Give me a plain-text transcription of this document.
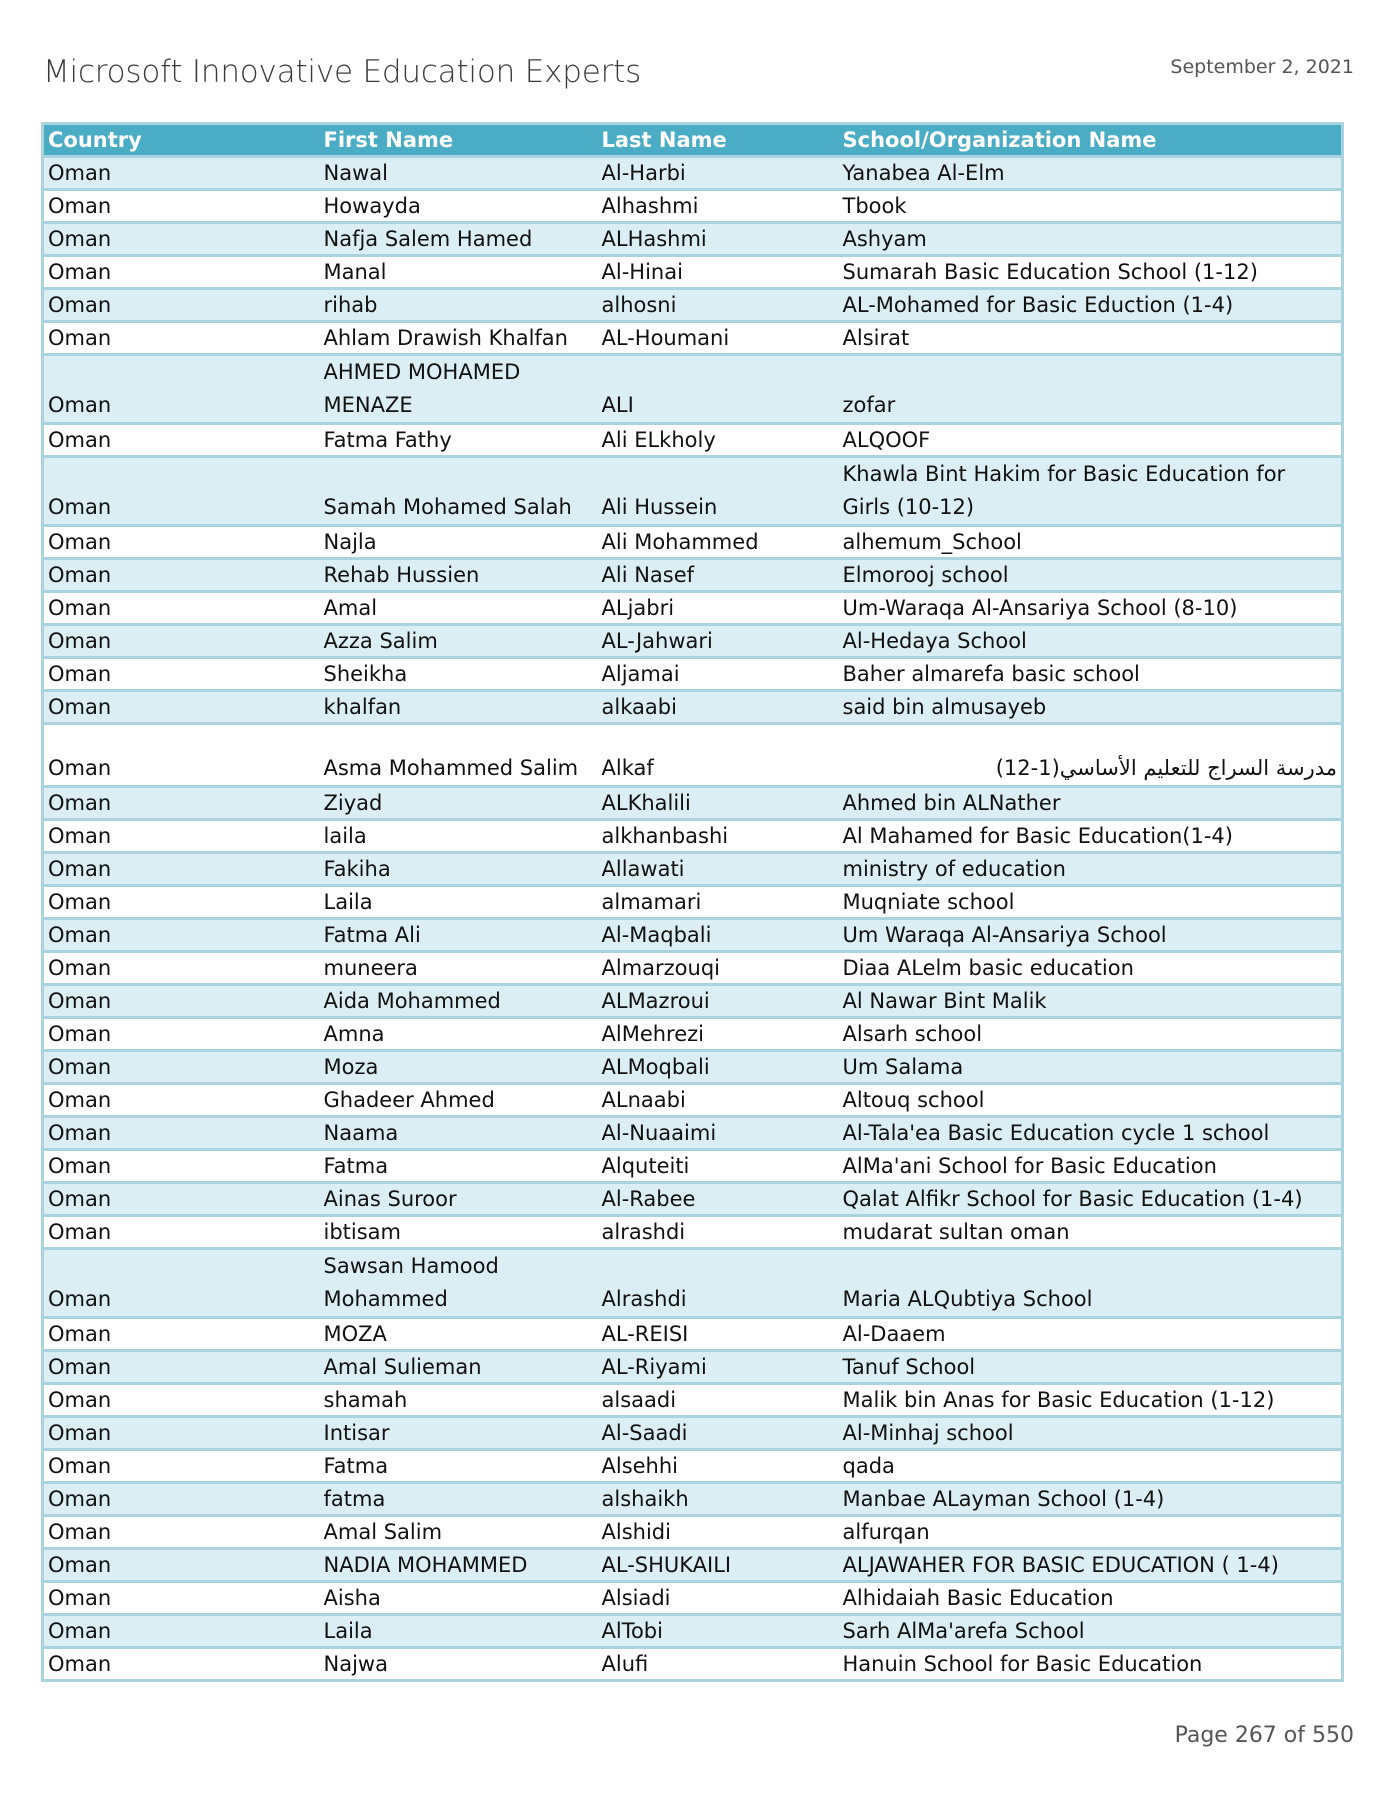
Microsoft Innovative Education Experts	September 2, 2021
Country	First Name	Last Name	School/Organization Name
Oman	Nawal	Al-Harbi	Yanabea Al-Elm
Oman	Howayda	Alhashmi	Tbook
Oman	Nafja Salem Hamed	ALHashmi	Ashyam
Oman	Manal	Al-Hinai	Sumarah Basic Education School (1-12)
Oman	rihab	alhosni	AL-Mohamed for Basic Eduction (1-4)
Oman	Ahlam Drawish Khalfan	AL-Houmani	Alsirat
Oman	AHMED MOHAMED MENAZE	ALI	zofar
Oman	Fatma Fathy	Ali ELkholy	ALQOOF
Oman	Samah Mohamed Salah	Ali Hussein	Khawla Bint Hakim for Basic Education for Girls (10-12)
Oman	Najla	Ali Mohammed	alhemum_School
Oman	Rehab Hussien	Ali Nasef	Elmorooj school
Oman	Amal	ALjabri	Um-Waraqa Al-Ansariya School (8-10)
Oman	Azza Salim	AL-Jahwari	Al-Hedaya School
Oman	Sheikha	Aljamai	Baher almarefa basic school
Oman	khalfan	alkaabi	said bin almusayeb
Oman	Asma Mohammed Salim	Alkaf	مدرسة السراج للتعليم الأساسي(1-12)
Oman	Ziyad	ALKhalili	Ahmed bin ALNather
Oman	laila	alkhanbashi	Al Mahamed for Basic Education(1-4)
Oman	Fakiha	Allawati	ministry of education
Oman	Laila	almamari	Muqniate school
Oman	Fatma Ali	Al-Maqbali	Um Waraqa Al-Ansariya School
Oman	muneera	Almarzouqi	Diaa ALelm basic education
Oman	Aida Mohammed	ALMazroui	Al Nawar Bint Malik
Oman	Amna	AlMehrezi	Alsarh school
Oman	Moza	ALMoqbali	Um Salama
Oman	Ghadeer Ahmed	ALnaabi	Altouq school
Oman	Naama	Al-Nuaaimi	Al-Tala'ea Basic Education cycle 1 school
Oman	Fatma	Alquteiti	AlMa'ani School for Basic Education
Oman	Ainas Suroor	Al-Rabee	Qalat Alfikr School for Basic Education (1-4)
Oman	ibtisam	alrashdi	mudarat sultan oman
Oman	Sawsan Hamood Mohammed	Alrashdi	Maria ALQubtiya School
Oman	MOZA	AL-REISI	Al-Daaem
Oman	Amal Sulieman	AL-Riyami	Tanuf School
Oman	shamah	alsaadi	Malik bin Anas for Basic Education (1-12)
Oman	Intisar	Al-Saadi	Al-Minhaj school
Oman	Fatma	Alsehhi	qada
Oman	fatma	alshaikh	Manbae ALayman School (1-4)
Oman	Amal Salim	Alshidi	alfurqan
Oman	NADIA MOHAMMED	AL-SHUKAILI	ALJAWAHER FOR BASIC EDUCATION ( 1-4)
Oman	Aisha	Alsiadi	Alhidaiah Basic Education
Oman	Laila	AlTobi	Sarh AlMa'arefa School
Oman	Najwa	Alufi	Hanuin School for Basic Education
Page 267 of 550
